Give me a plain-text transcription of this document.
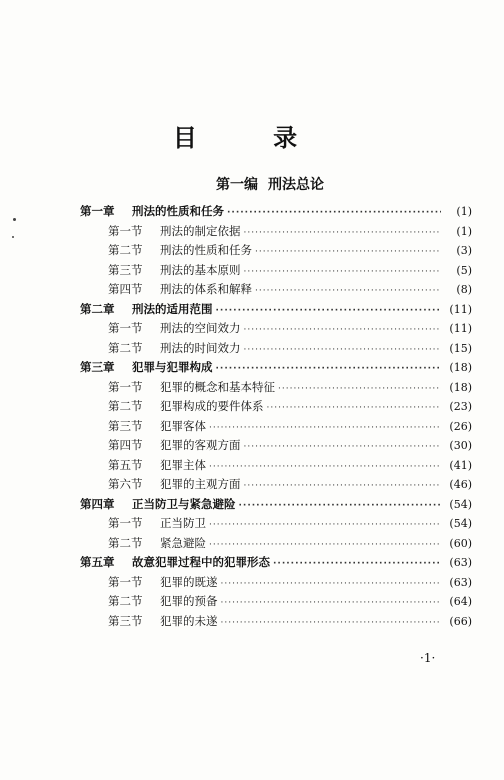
目 录
第一编 刑法总论
第一章	刑法的性质和任务 ·····	(1)
第一节	刑法的制定依据 ·····	(1)
第二节	刑法的性质和任务 ·····	(3)
第三节	刑法的基本原则 ·····	(5)
第四节	刑法的体系和解释 ·····	(8)
第二章	刑法的适用范围 ·····	(11)
第一节	刑法的空间效力 ·····	(11)
第二节	刑法的时间效力 ·····	(15)
第三章	犯罪与犯罪构成 ·····	(18)
第一节	犯罪的概念和基本特征 ·····	(18)
第二节	犯罪构成的要件体系 ·····	(23)
第三节	犯罪客体 ·····	(26)
第四节	犯罪的客观方面 ·····	(30)
第五节	犯罪主体 ·····	(41)
第六节	犯罪的主观方面 ·····	(46)
第四章	正当防卫与紧急避险 ·····	(54)
第一节	正当防卫 ·····	(54)
第二节	紧急避险 ·····	(60)
第五章	故意犯罪过程中的犯罪形态 ·····	(63)
第一节	犯罪的既遂 ·····	(63)
第二节	犯罪的预备 ·····	(64)
第三节	犯罪的未遂 ·····	(66)
·1·
